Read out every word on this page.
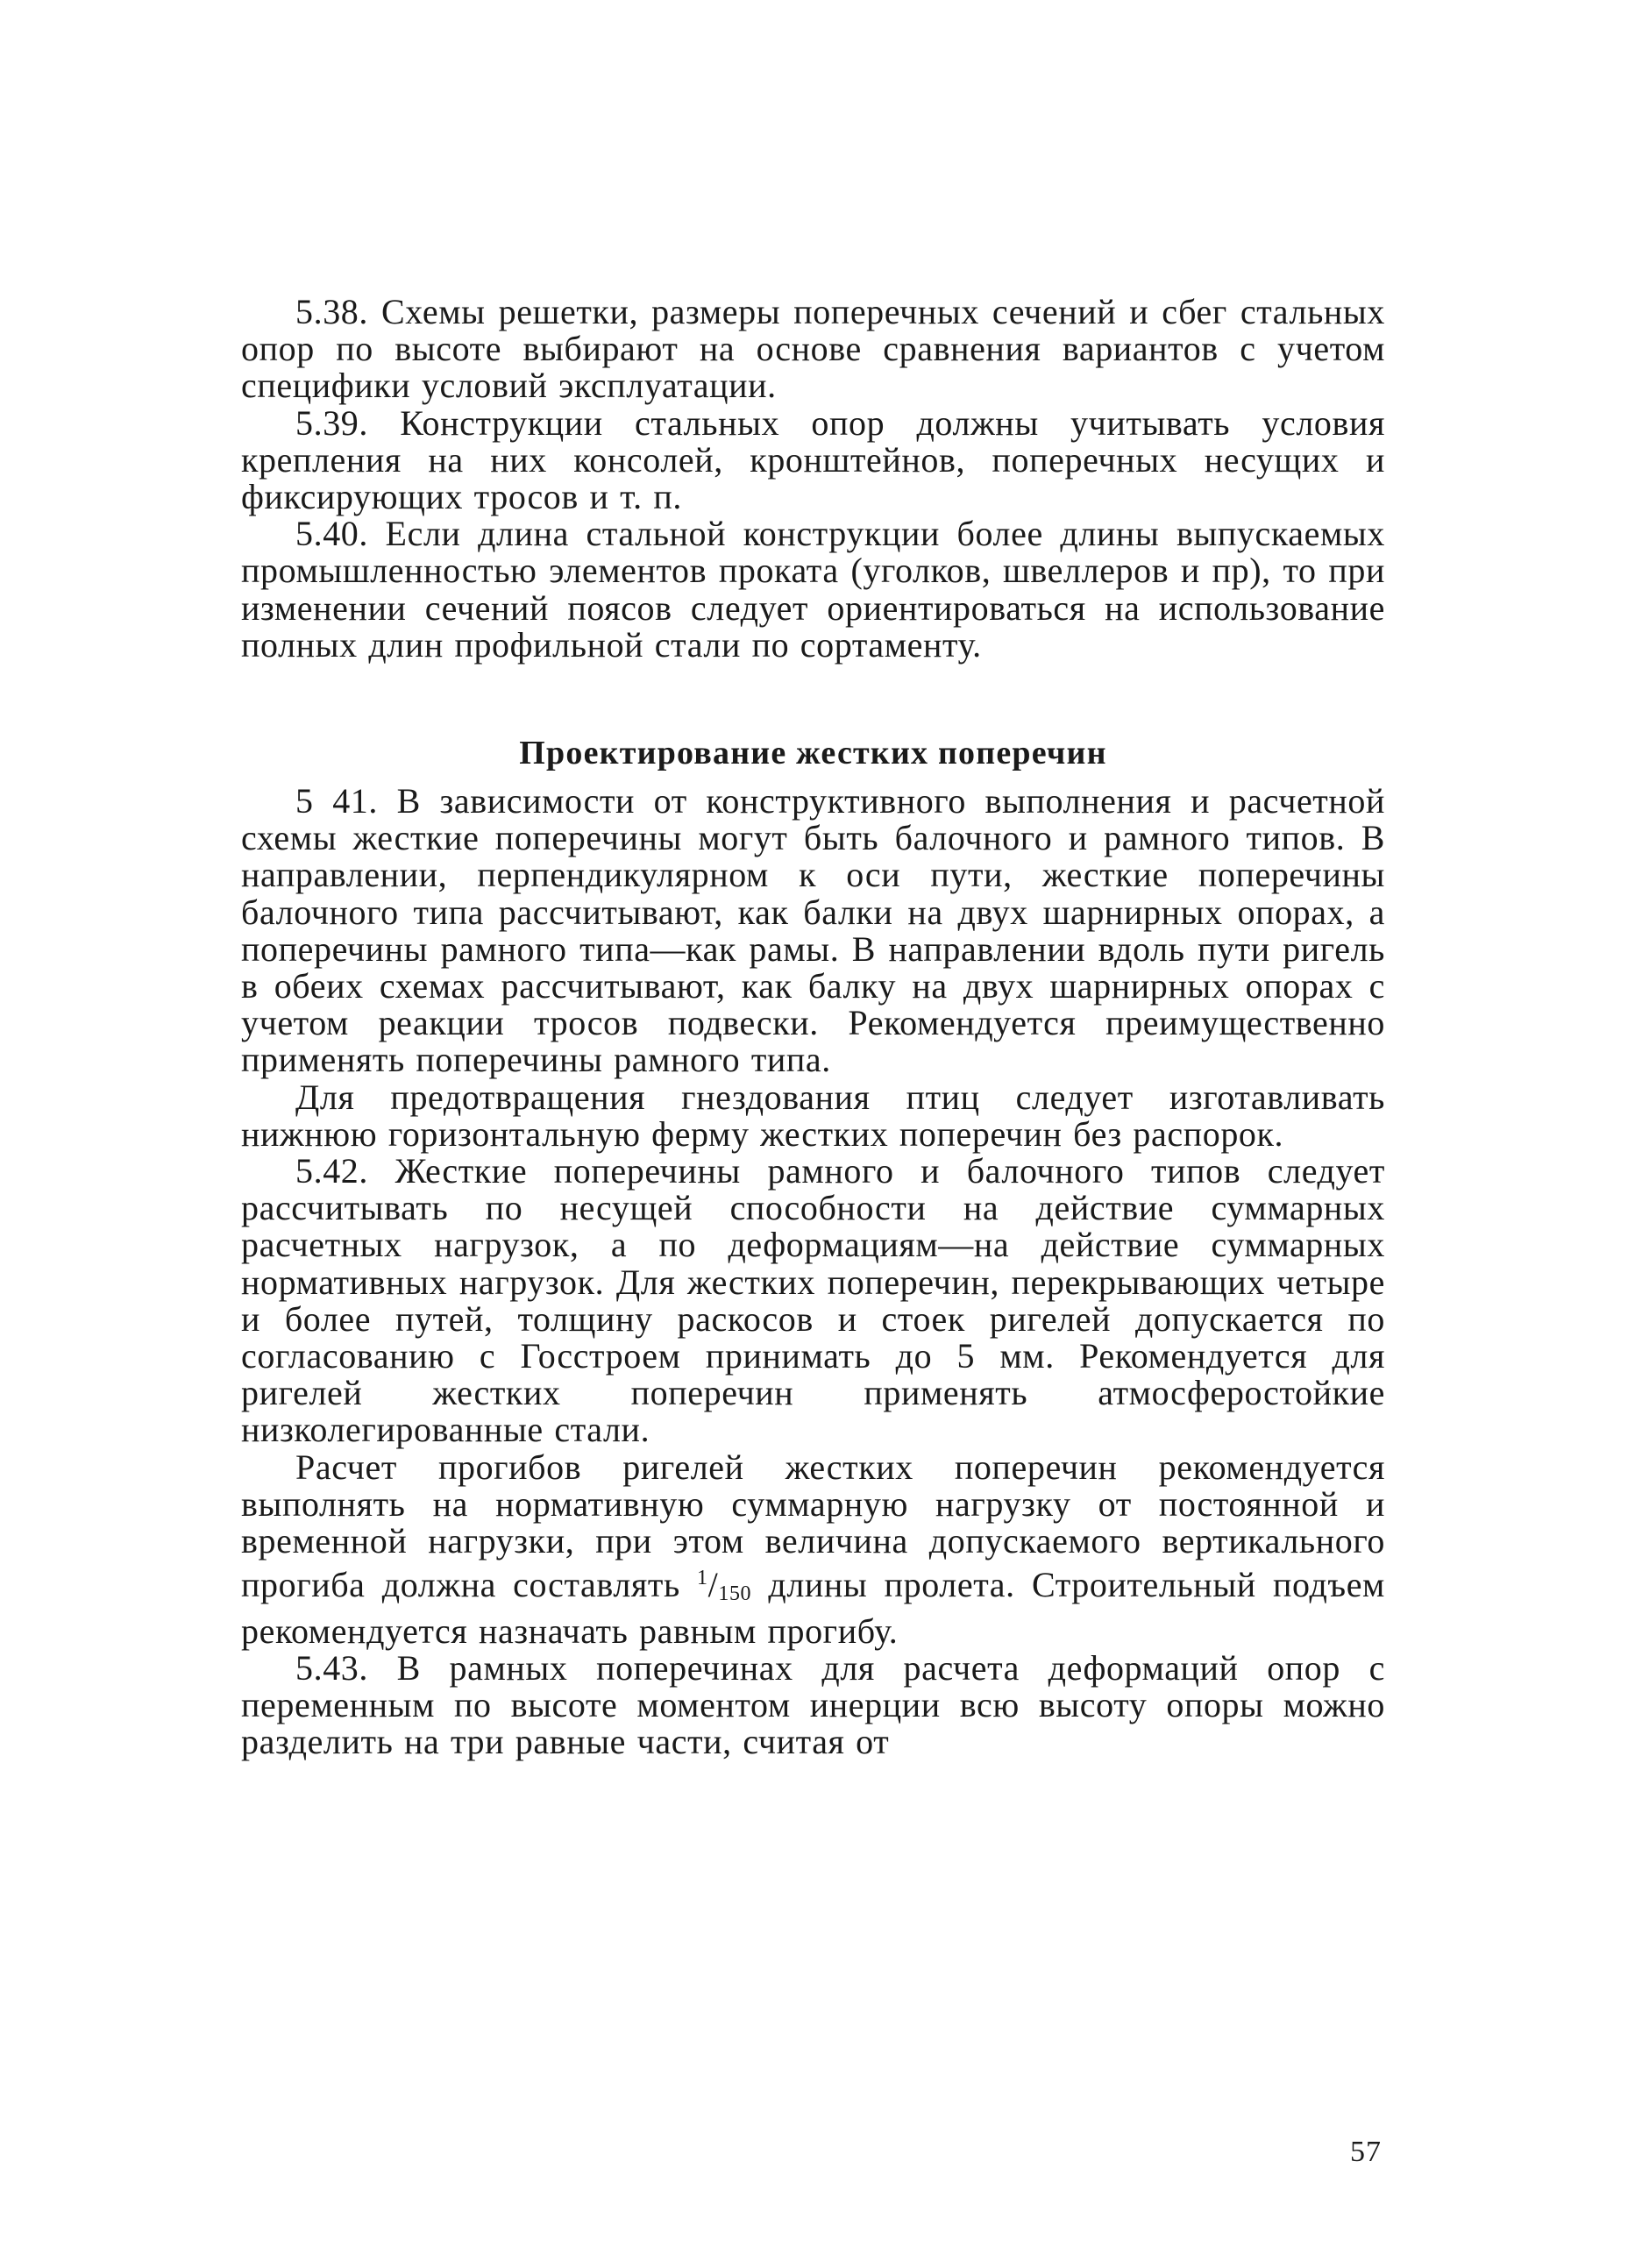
5.38. Схемы решетки, размеры поперечных сечений и сбег стальных опор по высоте выбирают на основе сравнения вариантов с учетом специфики условий эксплуатации.

5.39. Конструкции стальных опор должны учитывать условия крепления на них консолей, кронштейнов, поперечных несущих и фиксирующих тросов и т. п.

5.40. Если длина стальной конструкции более длины выпускаемых промышленностью элементов проката (уголков, швеллеров и пр), то при изменении сечений поясов следует ориентироваться на использование полных длин профильной стали по сортаменту.

Проектирование жестких поперечин

5 41. В зависимости от конструктивного выполнения и расчетной схемы жесткие поперечины могут быть балочного и рамного типов. В направлении, перпендикулярном к оси пути, жесткие поперечины балочного типа рассчитывают, как балки на двух шарнирных опорах, а поперечины рамного типа—как рамы. В направлении вдоль пути ригель в обеих схемах рассчитывают, как балку на двух шарнирных опорах с учетом реакции тросов подвески. Рекомендуется преимущественно применять поперечины рамного типа.

Для предотвращения гнездования птиц следует изготавливать нижнюю горизонтальную ферму жестких поперечин без распорок.

5.42. Жесткие поперечины рамного и балочного типов следует рассчитывать по несущей способности на действие суммарных расчетных нагрузок, а по деформациям—на действие суммарных нормативных нагрузок. Для жестких поперечин, перекрывающих четыре и более путей, толщину раскосов и стоек ригелей допускается по согласованию с Госстроем принимать до 5 мм. Рекомендуется для ригелей жестких поперечин применять атмосферостойкие низколегированные стали.

Расчет прогибов ригелей жестких поперечин рекомендуется выполнять на нормативную суммарную нагрузку от постоянной и временной нагрузки, при этом величина допускаемого вертикального прогиба должна составлять $^1/_{150}$ длины пролета. Строительный подъем рекомендуется назначать равным прогибу.

5.43. В рамных поперечинах для расчета деформаций опор с переменным по высоте моментом инерции всю высоту опоры можно разделить на три равные части, считая от

57
